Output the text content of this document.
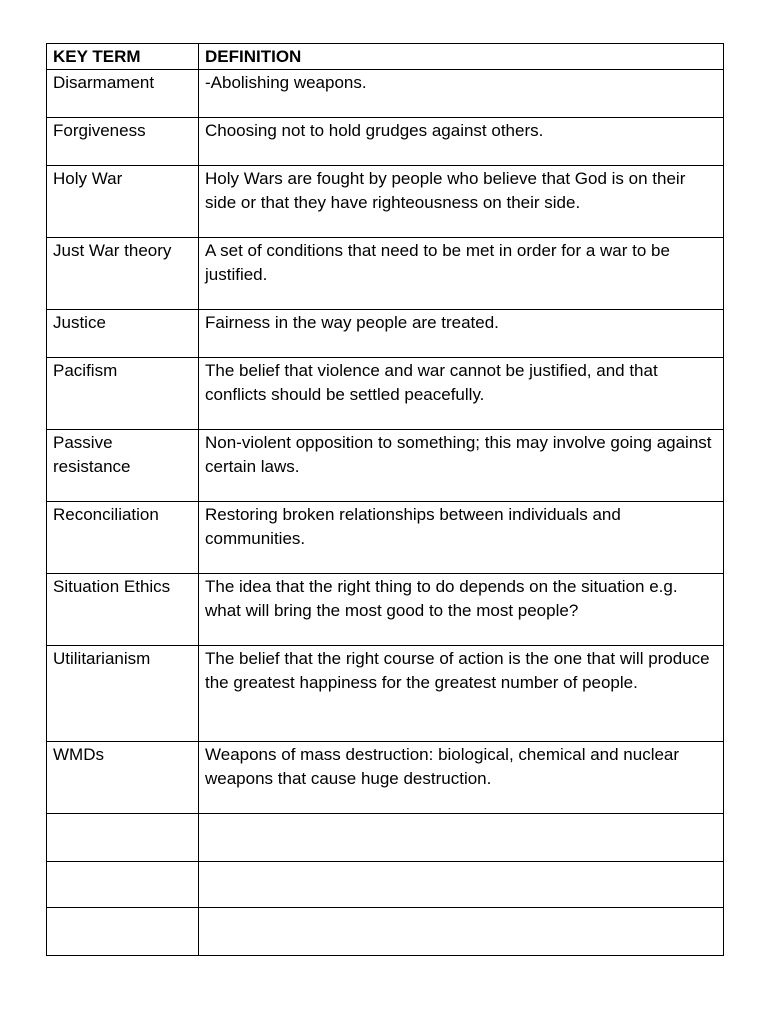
KEY TERM	DEFINITION
Disarmament	-Abolishing weapons.
Forgiveness	Choosing not to hold grudges against others.
Holy War	Holy Wars are fought by people who believe that God is on their side or that they have righteousness on their side.
Just War theory	A set of conditions that need to be met in order for a war to be justified.
Justice	Fairness in the way people are treated.
Pacifism	The belief that violence and war cannot be justified, and that conflicts should be settled peacefully.
Passive resistance	Non-violent opposition to something; this may involve going against certain laws.
Reconciliation	Restoring broken relationships between individuals and communities.
Situation Ethics	The idea that the right thing to do depends on the situation e.g. what will bring the most good to the most people?
Utilitarianism	The belief that the right course of action is the one that will produce the greatest happiness for the greatest number of people.
WMDs	Weapons of mass destruction: biological, chemical and nuclear weapons that cause huge destruction.
